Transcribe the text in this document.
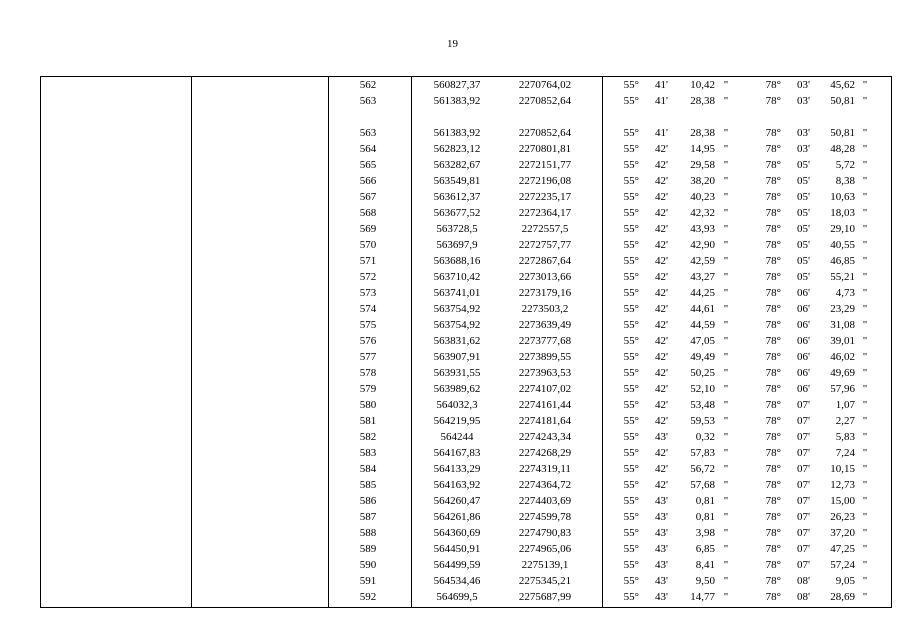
19
562	560827,37	2270764,02	55°	41'	10,42 "	78°	03'	45,62 "
563	561383,92	2270852,64	55°	41'	28,38 "	78°	03'	50,81 "
563	561383,92	2270852,64	55°	41'	28,38 "	78°	03'	50,81 "
564	562823,12	2270801,81	55°	42'	14,95 "	78°	03'	48,28 "
565	563282,67	2272151,77	55°	42'	29,58 "	78°	05'	5,72 "
566	563549,81	2272196,08	55°	42'	38,20 "	78°	05'	8,38 "
567	563612,37	2272235,17	55°	42'	40,23 "	78°	05'	10,63 "
568	563677,52	2272364,17	55°	42'	42,32 "	78°	05'	18,03 "
569	563728,5	2272557,5	55°	42'	43,93 "	78°	05'	29,10 "
570	563697,9	2272757,77	55°	42'	42,90 "	78°	05'	40,55 "
571	563688,16	2272867,64	55°	42'	42,59 "	78°	05'	46,85 "
572	563710,42	2273013,66	55°	42'	43,27 "	78°	05'	55,21 "
573	563741,01	2273179,16	55°	42'	44,25 "	78°	06'	4,73 "
574	563754,92	2273503,2	55°	42'	44,61 "	78°	06'	23,29 "
575	563754,92	2273639,49	55°	42'	44,59 "	78°	06'	31,08 "
576	563831,62	2273777,68	55°	42'	47,05 "	78°	06'	39,01 "
577	563907,91	2273899,55	55°	42'	49,49 "	78°	06'	46,02 "
578	563931,55	2273963,53	55°	42'	50,25 "	78°	06'	49,69 "
579	563989,62	2274107,02	55°	42'	52,10 "	78°	06'	57,96 "
580	564032,3	2274161,44	55°	42'	53,48 "	78°	07'	1,07 "
581	564219,95	2274181,64	55°	42'	59,53 "	78°	07'	2,27 "
582	564244	2274243,34	55°	43'	0,32 "	78°	07'	5,83 "
583	564167,83	2274268,29	55°	42'	57,83 "	78°	07'	7,24 "
584	564133,29	2274319,11	55°	42'	56,72 "	78°	07'	10,15 "
585	564163,92	2274364,72	55°	42'	57,68 "	78°	07'	12,73 "
586	564260,47	2274403,69	55°	43'	0,81 "	78°	07'	15,00 "
587	564261,86	2274599,78	55°	43'	0,81 "	78°	07'	26,23 "
588	564360,69	2274790,83	55°	43'	3,98 "	78°	07'	37,20 "
589	564450,91	2274965,06	55°	43'	6,85 "	78°	07'	47,25 "
590	564499,59	2275139,1	55°	43'	8,41 "	78°	07'	57,24 "
591	564534,46	2275345,21	55°	43'	9,50 "	78°	08'	9,05 "
592	564699,5	2275687,99	55°	43'	14,77 "	78°	08'	28,69 "
